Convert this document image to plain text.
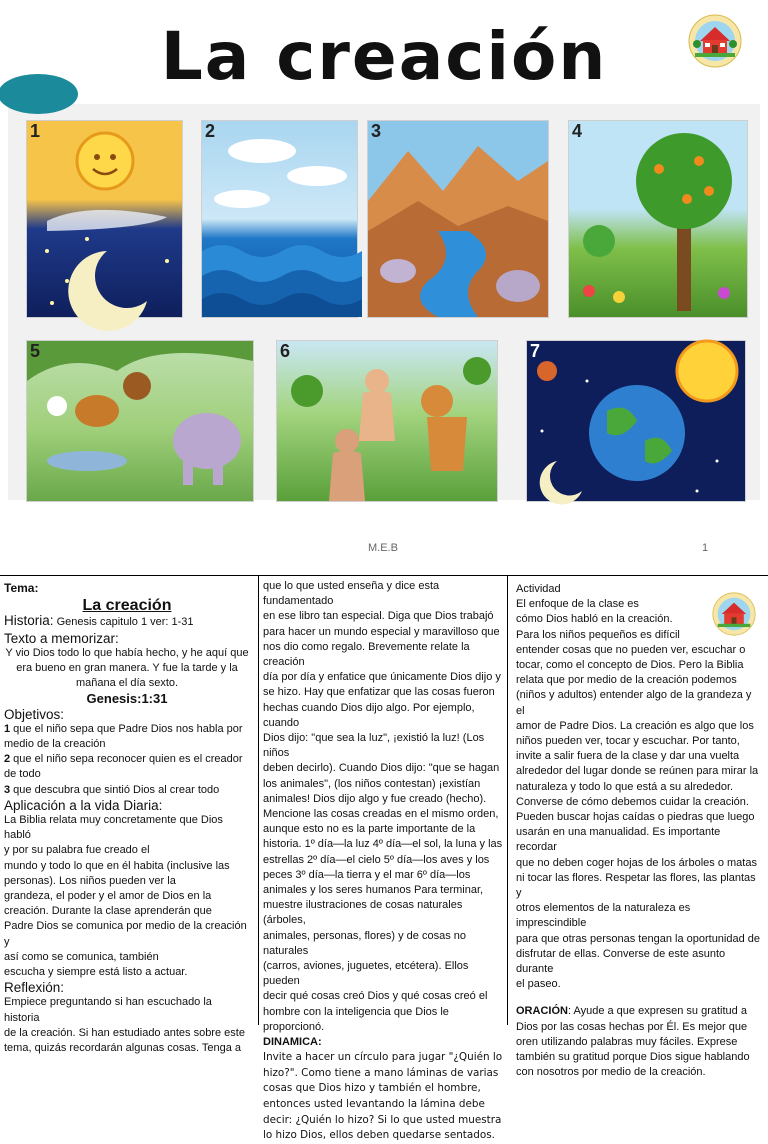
La creación
1	2	3	4
5	6	7
M.E.B	1
Tema:
La creación

Historia: Genesis capitulo 1 ver: 1-31

Texto a memorizar:
Y vio Dios todo lo que había hecho, y he aquí que
era bueno en gran manera. Y fue la tarde y la
mañana el día sexto.
Genesis:1:31
Objetivos:

1 que el niño sepa que Padre Dios nos habla por medio de la creación

2 que el niño sepa reconocer quien es el creador de todo

3 que descubra que sintió Dios al crear todo

Aplicación a la vida Diaria:
La Biblia relata muy concretamente que Dios habló
y por su palabra fue creado el
mundo y todo lo que en él habita (inclusive las
personas). Los niños pueden ver la
grandeza, el poder y el amor de Dios en la
creación. Durante la clase aprenderán que
Padre Dios se comunica por medio de la creación y
así como se comunica, también
escucha y siempre está listo a actuar.
Reflexión:
Empiece preguntando si han escuchado la historia
de la creación. Si han estudiado antes sobre este
tema, quizás recordarán algunas cosas. Tenga a
que lo que usted enseña y dice esta fundamentado
en ese libro tan especial. Diga que Dios trabajó
para hacer un mundo especial y maravilloso que
nos dio como regalo. Brevemente relate la creación
día por día y enfatice que únicamente Dios dijo y
se hizo. Hay que enfatizar que las cosas fueron
hechas cuando Dios dijo algo. Por ejemplo, cuando
Dios dijo: "que sea la luz", ¡existió la luz! (Los niños
deben decirlo). Cuando Dios dijo: "que se hagan
los animales", (los niños contestan) ¡existían
animales! Dios dijo algo y fue creado (hecho).
Mencione las cosas creadas en el mismo orden,
aunque esto no es la parte importante de la
historia. 1º día—la luz 4º día—el sol, la luna y las
estrellas 2º día—el cielo 5º día—los aves y los
peces 3º día—la tierra y el mar 6º día—los
animales y los seres humanos Para terminar,
muestre ilustraciones de cosas naturales (árboles,
animales, personas, flores) y de cosas no naturales
(carros, aviones, juguetes, etcétera). Ellos pueden
decir qué cosas creó Dios y qué cosas creó el
hombre con la inteligencia que Dios le proporcionó.
DINAMICA:
Invite a hacer un círculo para jugar "¿Quién lo
hizo?". Como tiene a mano láminas de varias
cosas que Dios hizo y también el hombre,
entonces usted levantando la lámina debe
decir: ¿Quién lo hizo? Si lo que usted muestra
lo hizo Dios, ellos deben quedarse sentados.
Actividad
El enfoque de la clase es
cómo Dios habló en la creación.
Para los niños pequeños es difícil
entender cosas que no pueden ver, escuchar o
tocar, como el concepto de Dios. Pero la Biblia
relata que por medio de la creación podemos
(niños y adultos) entender algo de la grandeza y el
amor de Padre Dios. La creación es algo que los
niños pueden ver, tocar y escuchar. Por tanto,
invite a salir fuera de la clase y dar una vuelta
alrededor del lugar donde se reúnen para mirar la
naturaleza y todo lo que está a su alrededor.
Converse de cómo debemos cuidar la creación.
Pueden buscar hojas caídas o piedras que luego
usarán en una manualidad. Es importante recordar
que no deben coger hojas de los árboles o matas
ni tocar las flores. Respetar las flores, las plantas y
otros elementos de la naturaleza es imprescindible
para que otras personas tengan la oportunidad de
disfrutar de ellas. Converse de este asunto durante
el paseo.
ORACIÓN: Ayude a que expresen su gratitud a
Dios por las cosas hechas por Él. Es mejor que
oren utilizando palabras muy fáciles. Exprese
también su gratitud porque Dios sigue hablando
con nosotros por medio de la creación.
